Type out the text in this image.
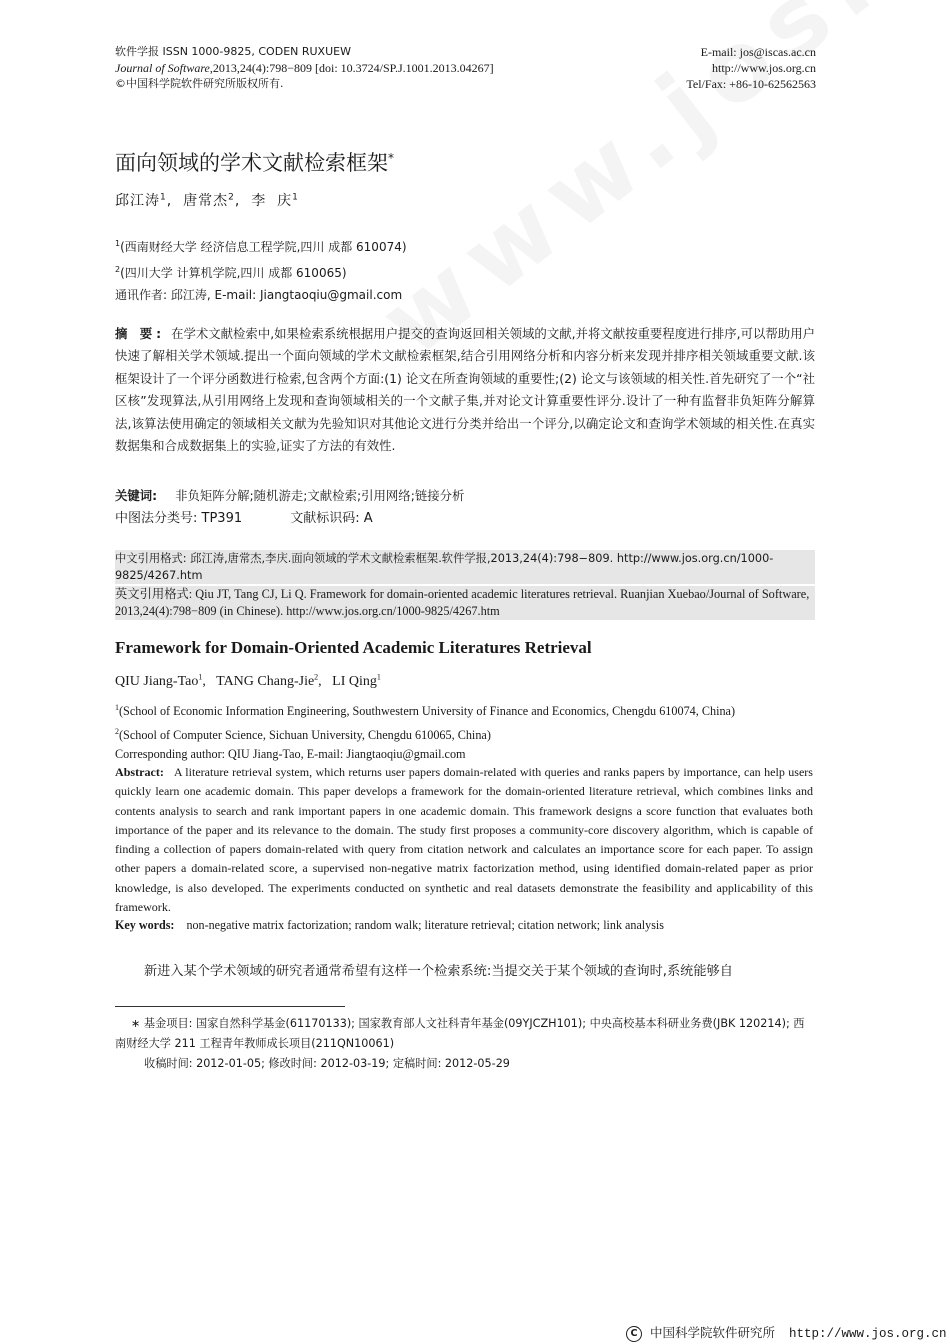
软件学报 ISSN 1000-9825, CODEN RUXUEW
Journal of Software,2013,24(4):798−809 [doi: 10.3724/SP.J.1001.2013.04267]
©中国科学院软件研究所版权所有.
E-mail: jos@iscas.ac.cn
http://www.jos.org.cn
Tel/Fax: +86-10-62562563
面向领域的学术文献检索框架*
邱江涛$^1$,  唐常杰$^2$,  李  庆$^1$
$^1$(西南财经大学 经济信息工程学院,四川 成都 610074)
$^2$(四川大学 计算机学院,四川 成都 610065)
通讯作者: 邱江涛, E-mail: Jiangtaoqiu@gmail.com
摘 要: 在学术文献检索中,如果检索系统根据用户提交的查询返回相关领域的文献,并将文献按重要程度进行排序,可以帮助用户快速了解相关学术领域.提出一个面向领域的学术文献检索框架,结合引用网络分析和内容分析来发现并排序相关领域重要文献.该框架设计了一个评分函数进行检索,包含两个方面:(1) 论文在所查询领域的重要性;(2) 论文与该领域的相关性.首先研究了一个“社区核”发现算法,从引用网络上发现和查询领域相关的一个文献子集,并对论文计算重要性评分.设计了一种有监督非负矩阵分解算法,该算法使用确定的领域相关文献为先验知识对其他论文进行分类并给出一个评分,以确定论文和查询学术领域的相关性.在真实数据集和合成数据集上的实验,证实了方法的有效性.
关键词: 非负矩阵分解;随机游走;文献检索;引用网络;链接分析
中图法分类号: TP391	文献标识码: A
中文引用格式: 邱江涛,唐常杰,李庆.面向领域的学术文献检索框架.软件学报,2013,24(4):798−809. http://www.jos.org.cn/1000-9825/4267.htm
英文引用格式: Qiu JT, Tang CJ, Li Q. Framework for domain-oriented academic literatures retrieval. Ruanjian Xuebao/Journal of Software, 2013,24(4):798−809 (in Chinese). http://www.jos.org.cn/1000-9825/4267.htm
Framework for Domain-Oriented Academic Literatures Retrieval
QIU Jiang-Tao$^1$,   TANG Chang-Jie$^2$,   LI Qing$^1$
$^1$(School of Economic Information Engineering, Southwestern University of Finance and Economics, Chengdu 610074, China)
$^2$(School of Computer Science, Sichuan University, Chengdu 610065, China)
Corresponding author: QIU Jiang-Tao, E-mail: Jiangtaoqiu@gmail.com
Abstract: A literature retrieval system, which returns user papers domain-related with queries and ranks papers by importance, can help users quickly learn one academic domain. This paper develops a framework for the domain-oriented literature retrieval, which combines links and contents analysis to search and rank important papers in one academic domain. This framework designs a score function that evaluates both importance of the paper and its relevance to the domain. The study first proposes a community-core discovery algorithm, which is capable of finding a collection of papers domain-related with query from citation network and calculates an importance score for each paper. To assign other papers a domain-related score, a supervised non-negative matrix factorization method, using identified domain-related paper as prior knowledge, is also developed. The experiments conducted on synthetic and real datasets demonstrate the feasibility and applicability of this framework.
Key words: non-negative matrix factorization; random walk; literature retrieval; citation network; link analysis
新进入某个学术领域的研究者通常希望有这样一个检索系统:当提交关于某个领域的查询时,系统能够自
∗ 基金项目: 国家自然科学基金(61170133); 国家教育部人文社科青年基金(09YJCZH101); 中央高校基本科研业务费(JBK 120214); 西南财经大学 211 工程青年教师成长项目(211QN10061)
收稿时间: 2012-01-05; 修改时间: 2012-03-19; 定稿时间: 2012-05-29
C 中国科学院软件研究所 http://www.jos.org.cn
